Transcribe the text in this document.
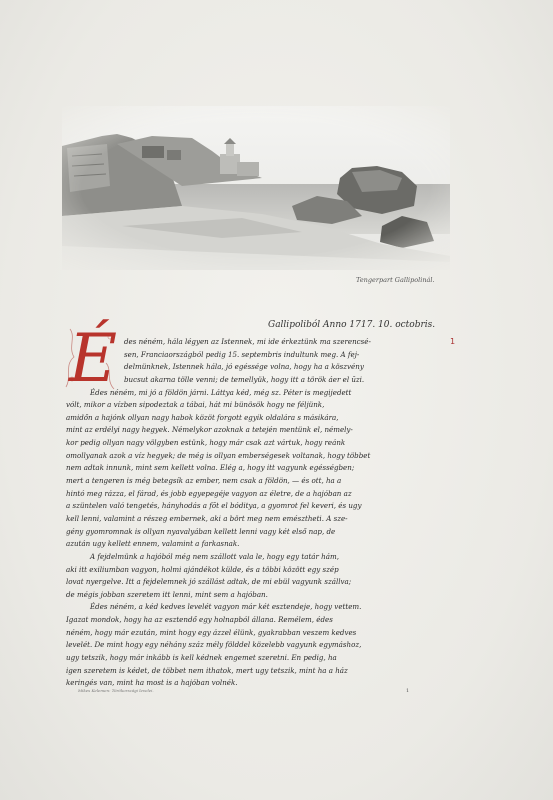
Tengerpart Gallipolinál.
Gallipoliból Anno 1717. 10. octobris.
1
É des néném, hála légyen az Istennek, mi ide érkeztünk ma szerencsé-
sen, Franciaországból pedig 15. septembris indultunk meg. A fej-
delmünknek, Istennek hála, jó egéssége volna, hogy ha a köszvény
bucsut akarna tölle venni; de temellyük, hogy itt a török áer el ūzi.
Édes néném, mi jó a földön járni. Láttya kéd, még sz. Péter is megijedett
vólt, mikor a vízben sipodeztak a tábai, hát mi bünösök hogy ne féljünk,
amidőn a hajónk ollyan nagy habok közöt forgott egyik oldalára s másikára,
mint az erdélyi nagy hegyek. Némelykor azoknak a tetején mentünk el, némely-
kor pedig ollyan nagy völgyben estünk, hogy már csak azt vártuk, hogy reánk
omollyanak azok a víz hegyek; de még is ollyan emberségesek voltanak, hogy többet
nem adtak innunk, mint sem kellett volna. Elég a, hogy itt vagyunk egésségben;
mert a tengeren is még betegsík az ember, nem csak a földön, — és ott, ha a
hintó meg rázza, el fárad, és jobb egyepegéje vagyon az életre, de a hajóban az
a szüntelen való tengetés, hányhodás a fõt el bóditya, a gyomrot fel keveri, és ugy
kell lenni, valamint a részeg embernek, aki a bört meg nem emésztheti. A sze-
gény gyomromnak is ollyan nyavalyában kellett lenni vagy két első nap, de
azután ugy kellett ennem, valamint a farkasnak.
A fejdelmünk a hajóból még nem szállott vala le, hogy egy tatár hám,
aki itt exiliumban vagyon, holmi ajándékot külde, és a többi között egy szép
lovat nyergelve. Itt a fejdelemnek jó szállást adtak, de mi ebül vagyunk szállva;
de mégis jobban szeretem itt lenni, mint sem a hajóban.
Édes néném, a kéd kedves levelét vagyon már két esztendeje, hogy vettem.
Igazat mondok, hogy ha az esztendő egy holnapból állana. Remélem, édes
néném, hogy már ezután, mint hogy egy ázzel élünk, gyakrabban veszem kedves
levelét. De mint hogy egy néhány száz mély földdel közelebb vagyunk egymáshoz,
ugy tetszik, hogy már inkább is kell kédnek engemet szeretni. En pedig, ha
igen szeretem is kédet, de többet nem ithatok, mert ugy tetszik, mint ha a ház
keringés van, mint ha most is a hajóban volnék.
Mikes Kelemen: Törökországi levelei.	1
